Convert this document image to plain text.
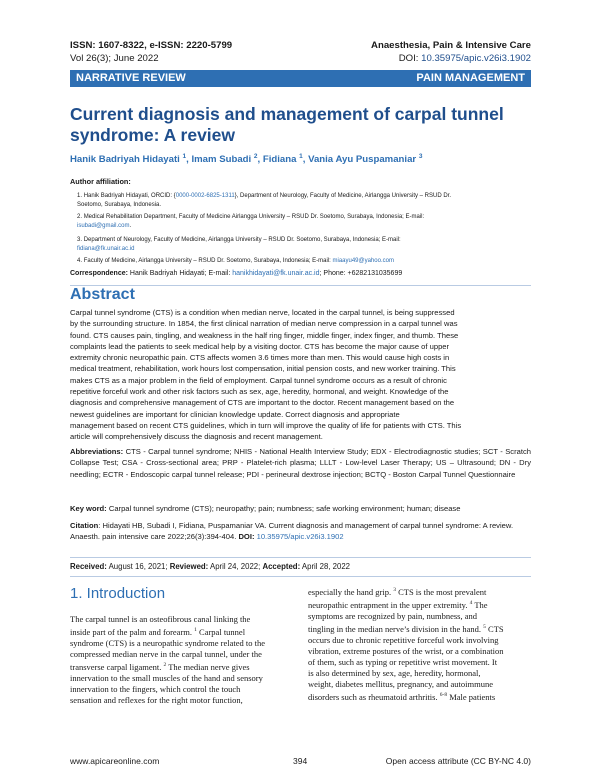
ISSN: 1607-8322, e-ISSN: 2220-5799	Anaesthesia, Pain & Intensive Care
Vol 26(3); June 2022	DOI: 10.35975/apic.v26i3.1902
NARRATIVE REVIEW	PAIN MANAGEMENT
Current diagnosis and management of carpal tunnel
syndrome: A review
Hanik Badriyah Hidayati $^1$, Imam Subadi $^2$, Fidiana $^1$, Vania Ayu Puspamaniar $^3$
Author affiliation:
1. Hanik Badriyah Hidayati, ORCID: {0000-0002-6825-1311}, Department of Neurology, Faculty of Medicine, Airlangga University – RSUD Dr.
Soetomo, Surabaya, Indonesia.
2. Medical Rehabilitation Department, Faculty of Medicine Airlangga University – RSUD Dr. Soetomo, Surabaya, Indonesia; E-mail:
isubadi@gmail.com.
3. Department of Neurology, Faculty of Medicine, Airlangga University – RSUD Dr. Soetomo, Surabaya, Indonesia; E-mail:
fidiana@fk.unair.ac.id
4. Faculty of Medicine, Airlangga University – RSUD Dr. Soetomo, Surabaya, Indonesia; E-mail: miaayu49@yahoo.com
Correspondence: Hanik Badriyah Hidayati; E-mail: hanikhidayati@fk.unair.ac.id; Phone: +6282131035699
Abstract
Carpal tunnel syndrome (CTS) is a condition when median nerve, located in the carpal tunnel, is being suppressed
by the surrounding structure. In 1854, the first clinical narration of median nerve compression in a carpal tunnel was
found. CTS causes pain, tingling, and weakness in the half ring finger, middle finger, index finger, and thumb. These
complaints lead the patients to seek medical help by a visiting doctor. CTS has become the major cause of upper
extremity chronic neuropathic pain. CTS affects women 3.6 times more than men. This would cause high costs in
medical treatment, rehabilitation, work hours lost compensation, initial pension costs, and new worker training. This
makes CTS as a major problem in the field of employment. Carpal tunnel syndrome occurs as a result of chronic
repetitive forceful work and other risk factors such as sex, age, heredity, hormonal, and weight. Knowledge of the
diagnosis and comprehensive management of CTS are important to the doctor. Recent management based on the
newest guidelines are important for clinician knowledge update. Correct diagnosis and appropriate
management based on recent CTS guidelines, which in turn will improve the quality of life for patients with CTS. This
article will comprehensively discuss the diagnosis and recent management.
Abbreviations: CTS - Carpal tunnel syndrome; NHIS - National Health Interview Study; EDX - Electrodiagnostic studies; SCT - Scratch Collapse Test; CSA - Cross-sectional area; PRP - Platelet-rich plasma; LLLT - Low-level Laser Therapy; US – Ultrasound; DN - Dry needling; ECTR - Endoscopic carpal tunnel release; PDI - perineural dextrose injection; BCTQ - Boston Carpal Tunnel Questionnaire
Key word: Carpal tunnel syndrome (CTS); neuropathy; pain; numbness; safe working environment; human; disease
Citation: Hidayati HB, Subadi I, Fidiana, Puspamaniar VA. Current diagnosis and management of carpal tunnel syndrome: A review. Anaesth. pain intensive care 2022;26(3):394-404. DOI: 10.35975/apic.v26i3.1902
Received: August 16, 2021; Reviewed: April 24, 2022; Accepted: April 28, 2022
1. Introduction
The carpal tunnel is an osteofibrous canal linking the
inside part of the palm and forearm. $^1$ Carpal tunnel
syndrome (CTS) is a neuropathic syndrome related to the
compressed median nerve in the carpal tunnel, under the
transverse carpal ligament. $^2$ The median nerve gives
innervation to the small muscles of the hand and sensory
innervation to the fingers, which control the touch
sensation and reflexes for the right motor function,
especially the hand grip. $^3$ CTS is the most prevalent
neuropathic entrapment in the upper extremity. $^4$ The
symptoms are recognized by pain, numbness, and
tingling in the median nerve’s division in the hand. $^5$ CTS
occurs due to chronic repetitive forceful work involving
vibration, extreme postures of the wrist, or a combination
of them, such as typing or repetitive wrist movement. It
is also determined by sex, age, heredity, hormonal,
weight, diabetes mellitus, pregnancy, and autoimmune
disorders such as rheumatoid arthritis. $^{6-8}$ Male patients
www.apicareonline.com	394	Open access attribute (CC BY-NC 4.0)
